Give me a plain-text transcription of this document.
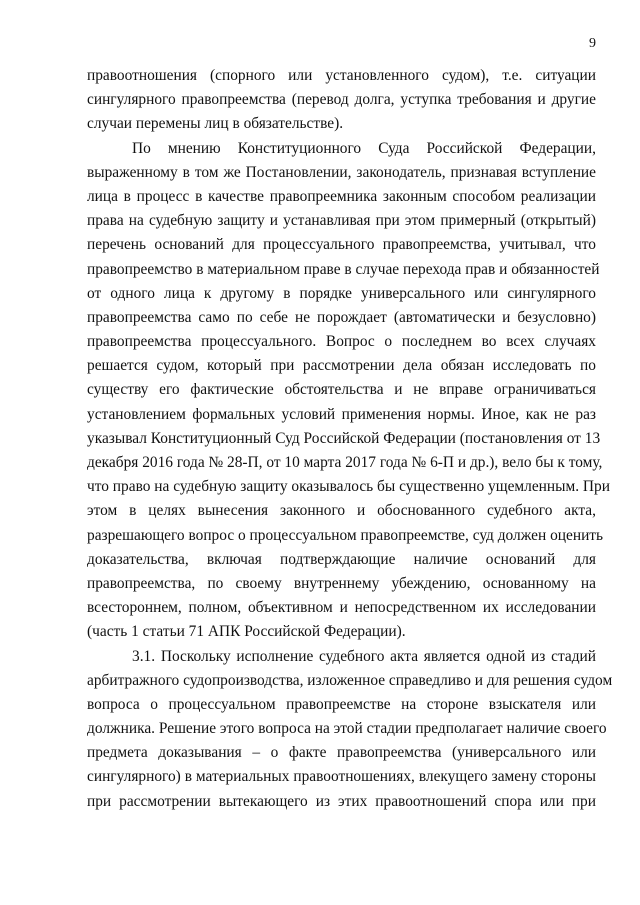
9
правоотношения (спорного или установленного судом), т.е. ситуации
сингулярного правопреемства (перевод долга, уступка требования и другие
случаи перемены лиц в обязательстве).
По мнению Конституционного Суда Российской Федерации,
выраженному в том же Постановлении, законодатель, признавая вступление
лица в процесс в качестве правопреемника законным способом реализации
права на судебную защиту и устанавливая при этом примерный (открытый)
перечень оснований для процессуального правопреемства, учитывал, что
правопреемство в материальном праве в случае перехода прав и обязанностей
от одного лица к другому в порядке универсального или сингулярного
правопреемства само по себе не порождает (автоматически и безусловно)
правопреемства процессуального. Вопрос о последнем во всех случаях
решается судом, который при рассмотрении дела обязан исследовать по
существу его фактические обстоятельства и не вправе ограничиваться
установлением формальных условий применения нормы. Иное, как не раз
указывал Конституционный Суд Российской Федерации (постановления от 13
декабря 2016 года № 28-П, от 10 марта 2017 года № 6-П и др.), вело бы к тому,
что право на судебную защиту оказывалось бы существенно ущемленным. При
этом в целях вынесения законного и обоснованного судебного акта,
разрешающего вопрос о процессуальном правопреемстве, суд должен оценить
доказательства, включая подтверждающие наличие оснований для
правопреемства, по своему внутреннему убеждению, основанному на
всестороннем, полном, объективном и непосредственном их исследовании
(часть 1 статьи 71 АПК Российской Федерации).
3.1. Поскольку исполнение судебного акта является одной из стадий
арбитражного судопроизводства, изложенное справедливо и для решения судом
вопроса о процессуальном правопреемстве на стороне взыскателя или
должника. Решение этого вопроса на этой стадии предполагает наличие своего
предмета доказывания – о факте правопреемства (универсального или
сингулярного) в материальных правоотношениях, влекущего замену стороны
при рассмотрении вытекающего из этих правоотношений спора или при
